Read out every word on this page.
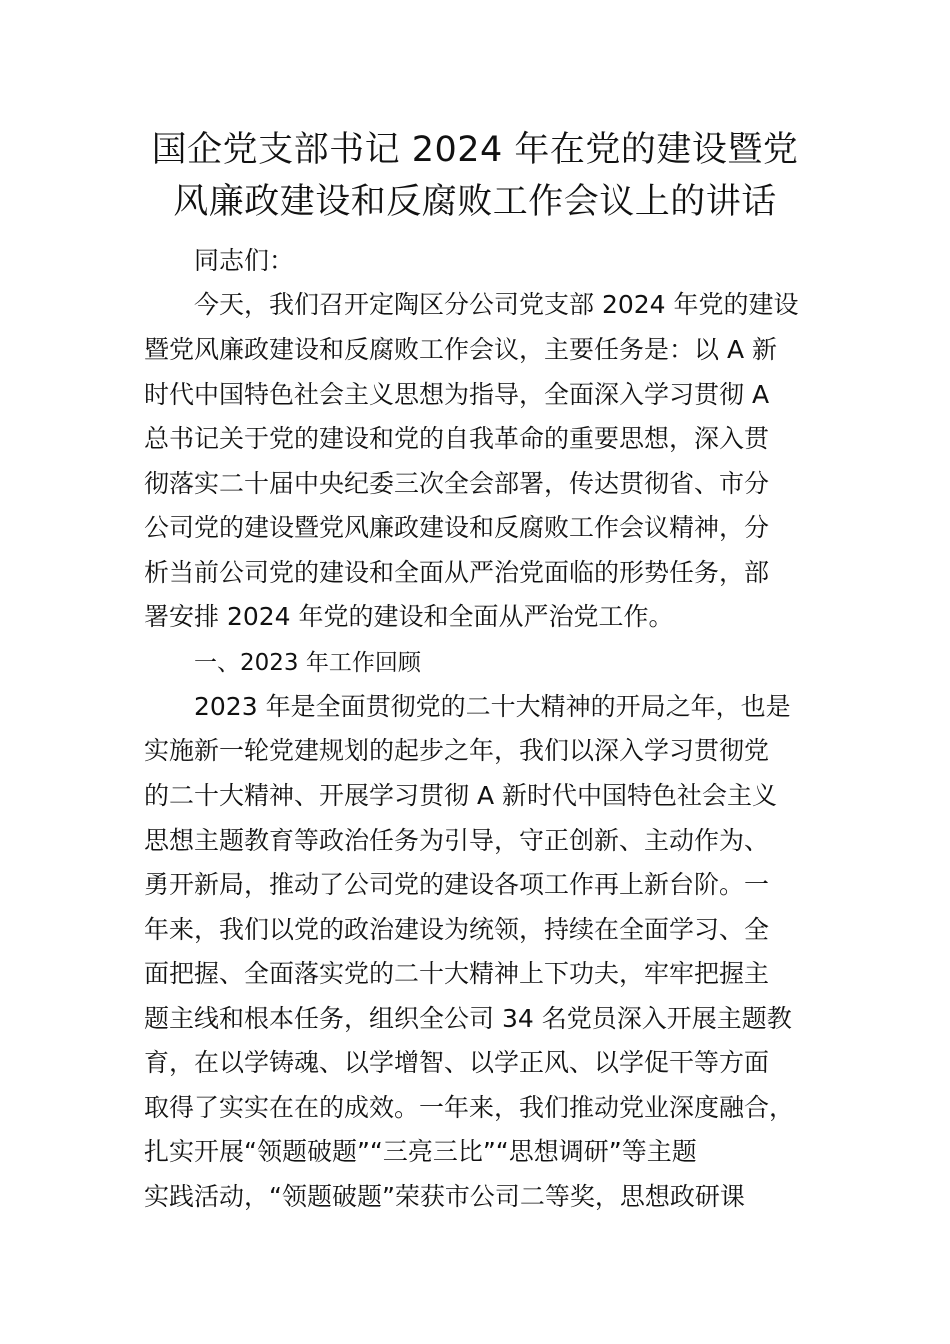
国企党支部书记 2024 年在党的建设暨党
风廉政建设和反腐败工作会议上的讲话
同志们：
今天，我们召开定陶区分公司党支部 2024 年党的建设
暨党风廉政建设和反腐败工作会议，主要任务是：以 A 新
时代中国特色社会主义思想为指导，全面深入学习贯彻 A
总书记关于党的建设和党的自我革命的重要思想，深入贯
彻落实二十届中央纪委三次全会部署，传达贯彻省、市分
公司党的建设暨党风廉政建设和反腐败工作会议精神，分
析当前公司党的建设和全面从严治党面临的形势任务，部
署安排 2024 年党的建设和全面从严治党工作。
一、2023 年工作回顾
2023 年是全面贯彻党的二十大精神的开局之年，也是
实施新一轮党建规划的起步之年，我们以深入学习贯彻党
的二十大精神、开展学习贯彻 A 新时代中国特色社会主义
思想主题教育等政治任务为引导，守正创新、主动作为、
勇开新局，推动了公司党的建设各项工作再上新台阶。一
年来，我们以党的政治建设为统领，持续在全面学习、全
面把握、全面落实党的二十大精神上下功夫，牢牢把握主
题主线和根本任务，组织全公司 34 名党员深入开展主题教
育，在以学铸魂、以学增智、以学正风、以学促干等方面
取得了实实在在的成效。一年来，我们推动党业深度融合，
扎实开展“领题破题”“三亮三比”“思想调研”等主题
实践活动，“领题破题”荣获市公司二等奖，思想政研课
